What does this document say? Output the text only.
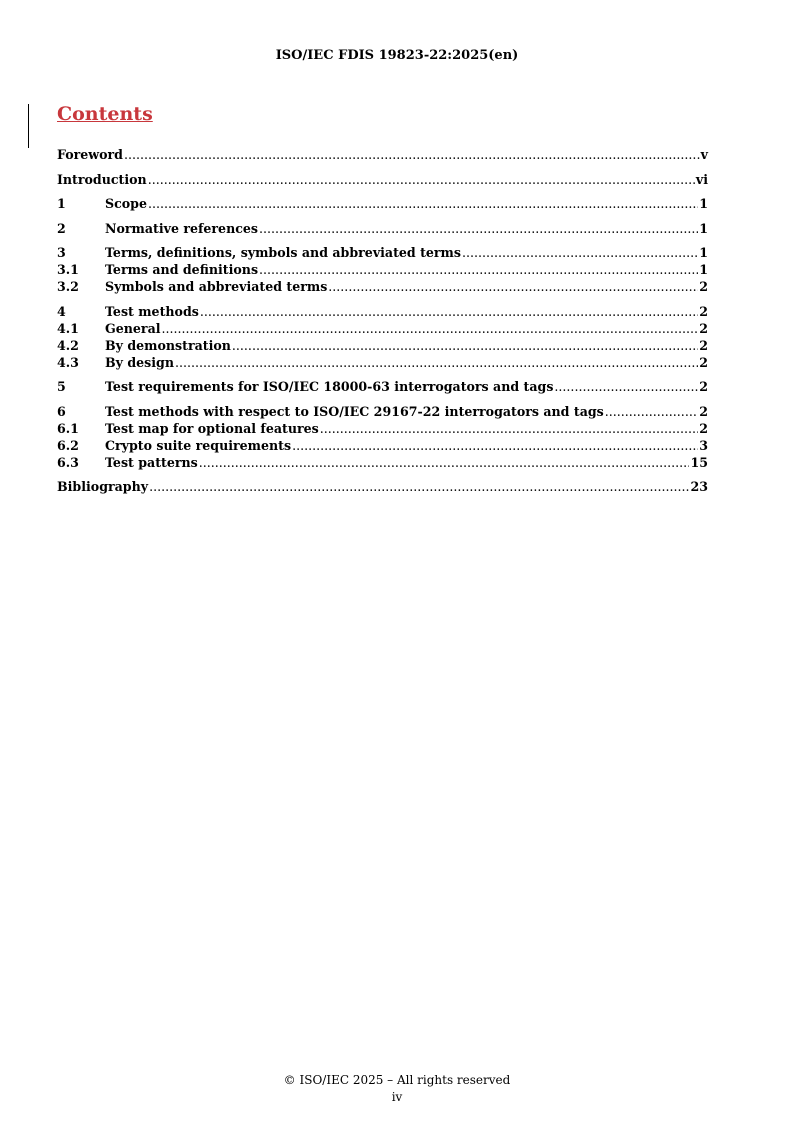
ISO/IEC FDIS 19823-22:2025(en)
Contents
Foreword .....	v
Introduction .....	vi
1	Scope .....	1
2	Normative references .....	1
3	Terms, definitions, symbols and abbreviated terms .....	1
3.1	Terms and definitions .....	1
3.2	Symbols and abbreviated terms .....	2
4	Test methods .....	2
4.1	General .....	2
4.2	By demonstration .....	2
4.3	By design .....	2
5	Test requirements for ISO/IEC 18000-63 interrogators and tags .....	2
6	Test methods with respect to ISO/IEC 29167-22 interrogators and tags .....	2
6.1	Test map for optional features .....	2
6.2	Crypto suite requirements .....	3
6.3	Test patterns .....	15
Bibliography .....	23
© ISO/IEC 2025 – All rights reserved
iv
